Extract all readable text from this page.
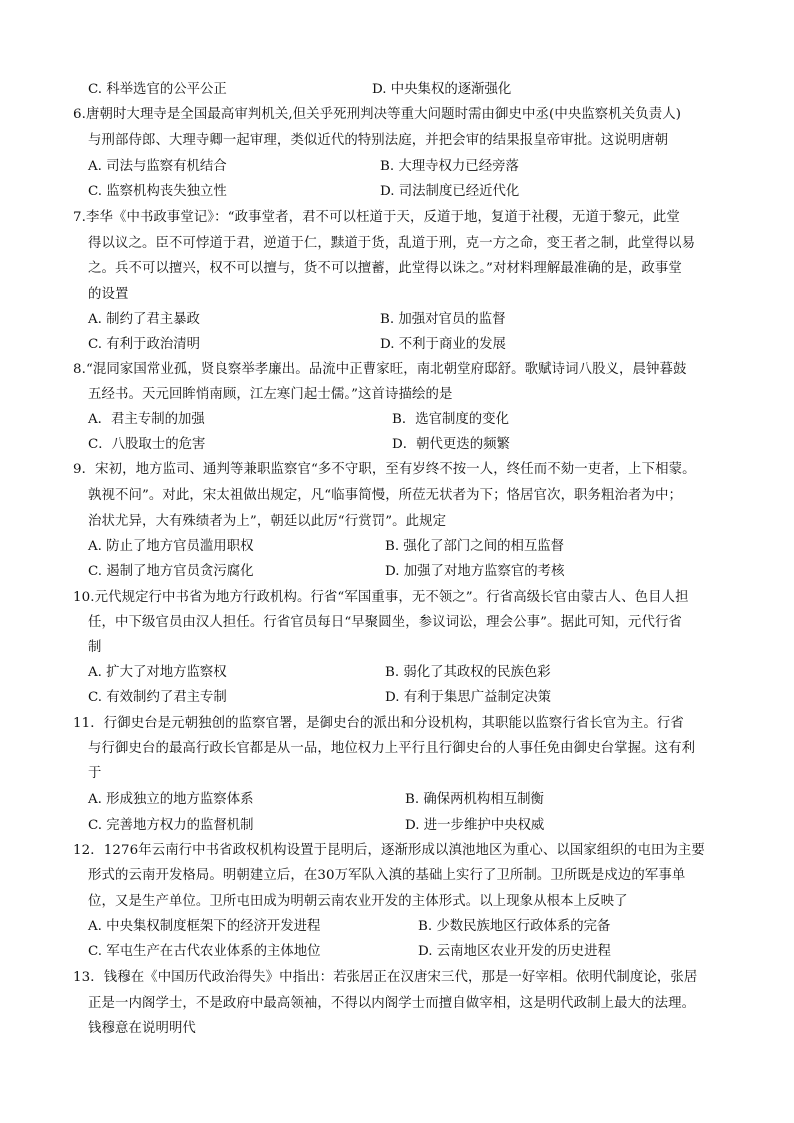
C. 科举选官的公平公正	D. 中央集权的逐渐强化
6.唐朝时大理寺是全国最高审判机关,但关乎死刑判决等重大问题时需由御史中丞(中央监察机关负责人)
与刑部侍郎、大理寺卿一起审理，类似近代的特别法庭，并把会审的结果报皇帝审批。这说明唐朝
A. 司法与监察有机结合	B. 大理寺权力已经旁落
C. 监察机构丧失独立性	D. 司法制度已经近代化
7.李华《中书政事堂记》：“政事堂者，君不可以枉道于天，反道于地，复道于社稷，无道于黎元，此堂
得以议之。臣不可悖道于君，逆道于仁，黩道于货，乱道于刑，克一方之命，变王者之制，此堂得以易
之。兵不可以擅兴，权不可以擅与，货不可以擅蓄，此堂得以诛之。”对材料理解最准确的是，政事堂
的设置
A. 制约了君主暴政	B. 加强对官员的监督
C. 有利于政治清明	D. 不利于商业的发展
8.“混同家国常业孤，贤良察举孝廉出。品流中正曹家旺，南北朝堂府邸舒。歌赋诗词八股义，晨钟暮鼓
五经书。天元回眸悄南顾，江左寒门起士儒。”这首诗描绘的是
A．君主专制的加强	B．选官制度的变化
C．八股取士的危害	D．朝代更迭的频繁
9．宋初，地方监司、通判等兼职监察官“多不守职，至有岁终不按一人，终任而不劾一吏者，上下相蒙。
孰视不问”。对此，宋太祖做出规定，凡“临事简慢，所莅无状者为下；恪居官次，职务粗治者为中；
治状尤异，大有殊绩者为上”，朝廷以此厉“行赏罚”。此规定
A. 防止了地方官员滥用职权	B. 强化了部门之间的相互监督
C. 遏制了地方官员贪污腐化	D. 加强了对地方监察官的考核
10.元代规定行中书省为地方行政机构。行省“军国重事，无不领之”。行省高级长官由蒙古人、色目人担
任，中下级官员由汉人担任。行省官员每日“早聚圆坐，参议词讼，理会公事”。据此可知，元代行省
制
A. 扩大了对地方监察权	B. 弱化了其政权的民族色彩
C. 有效制约了君主专制	D. 有利于集思广益制定决策
11．行御史台是元朝独创的监察官署，是御史台的派出和分设机构，其职能以监察行省长官为主。行省
与行御史台的最高行政长官都是从一品，地位权力上平行且行御史台的人事任免由御史台掌握。这有利
于
A. 形成独立的地方监察体系	B. 确保两机构相互制衡
C. 完善地方权力的监督机制	D. 进一步维护中央权威
12．1276年云南行中书省政权机构设置于昆明后，逐渐形成以滇池地区为重心、以国家组织的屯田为主要
形式的云南开发格局。明朝建立后，在30万军队入滇的基础上实行了卫所制。卫所既是戍边的军事单
位，又是生产单位。卫所屯田成为明朝云南农业开发的主体形式。以上现象从根本上反映了
A. 中央集权制度框架下的经济开发进程	B. 少数民族地区行政体系的完备
C. 军屯生产在古代农业体系的主体地位	D. 云南地区农业开发的历史进程
13．钱穆在《中国历代政治得失》中指出：若张居正在汉唐宋三代，那是一好宰相。依明代制度论，张居
正是一内阁学士，不是政府中最高领袖，不得以内阁学士而擅自做宰相，这是明代政制上最大的法理。
钱穆意在说明明代
